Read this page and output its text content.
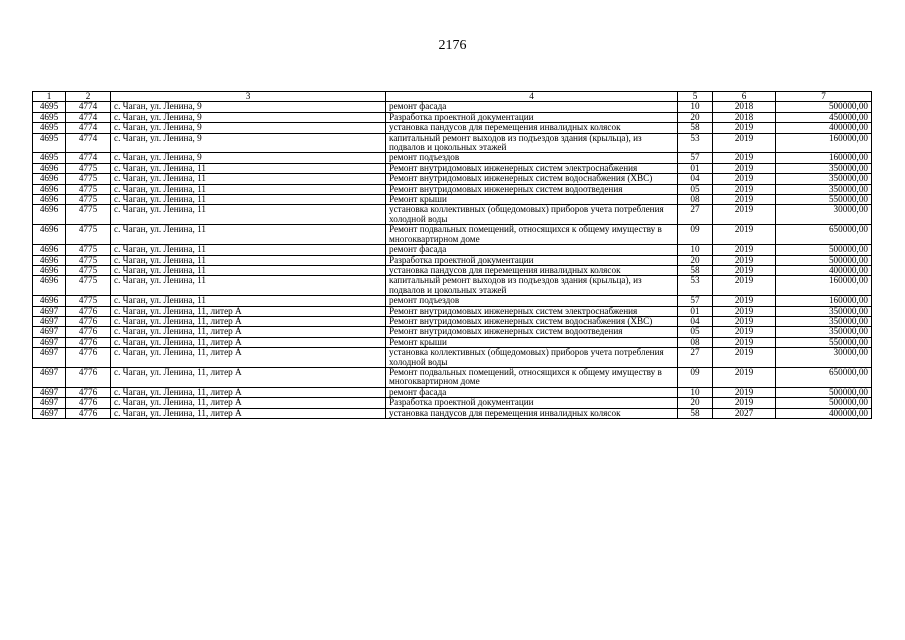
2176
1	2	3	4	5	6	7
4695	4774	с. Чаган, ул. Ленина, 9	ремонт фасада	10	2018	500000,00
4695	4774	с. Чаган, ул. Ленина, 9	Разработка проектной документации	20	2018	450000,00
4695	4774	с. Чаган, ул. Ленина, 9	установка пандусов для перемещения инвалидных колясок	58	2019	400000,00
4695	4774	с. Чаган, ул. Ленина, 9	капитальный ремонт выходов из подъездов здания (крыльца), из подвалов и цокольных этажей	53	2019	160000,00
4695	4774	с. Чаган, ул. Ленина, 9	ремонт подъездов	57	2019	160000,00
4696	4775	с. Чаган, ул. Ленина, 11	Ремонт внутридомовых инженерных систем электроснабжения	01	2019	350000,00
4696	4775	с. Чаган, ул. Ленина, 11	Ремонт внутридомовых инженерных систем водоснабжения (ХВС)	04	2019	350000,00
4696	4775	с. Чаган, ул. Ленина, 11	Ремонт внутридомовых инженерных систем водоотведения	05	2019	350000,00
4696	4775	с. Чаган, ул. Ленина, 11	Ремонт крыши	08	2019	550000,00
4696	4775	с. Чаган, ул. Ленина, 11	установка коллективных (общедомовых) приборов учета потребления холодной воды	27	2019	30000,00
4696	4775	с. Чаган, ул. Ленина, 11	Ремонт подвальных помещений, относящихся к общему имуществу в многоквартирном доме	09	2019	650000,00
4696	4775	с. Чаган, ул. Ленина, 11	ремонт фасада	10	2019	500000,00
4696	4775	с. Чаган, ул. Ленина, 11	Разработка проектной документации	20	2019	500000,00
4696	4775	с. Чаган, ул. Ленина, 11	установка пандусов для перемещения инвалидных колясок	58	2019	400000,00
4696	4775	с. Чаган, ул. Ленина, 11	капитальный ремонт выходов из подъездов здания (крыльца), из подвалов и цокольных этажей	53	2019	160000,00
4696	4775	с. Чаган, ул. Ленина, 11	ремонт подъездов	57	2019	160000,00
4697	4776	с. Чаган, ул. Ленина, 11, литер А	Ремонт внутридомовых инженерных систем электроснабжения	01	2019	350000,00
4697	4776	с. Чаган, ул. Ленина, 11, литер А	Ремонт внутридомовых инженерных систем водоснабжения (ХВС)	04	2019	350000,00
4697	4776	с. Чаган, ул. Ленина, 11, литер А	Ремонт внутридомовых инженерных систем водоотведения	05	2019	350000,00
4697	4776	с. Чаган, ул. Ленина, 11, литер А	Ремонт крыши	08	2019	550000,00
4697	4776	с. Чаган, ул. Ленина, 11, литер А	установка коллективных (общедомовых) приборов учета потребления холодной воды	27	2019	30000,00
4697	4776	с. Чаган, ул. Ленина, 11, литер А	Ремонт подвальных помещений, относящихся к общему имуществу в многоквартирном доме	09	2019	650000,00
4697	4776	с. Чаган, ул. Ленина, 11, литер А	ремонт фасада	10	2019	500000,00
4697	4776	с. Чаган, ул. Ленина, 11, литер А	Разработка проектной документации	20	2019	500000,00
4697	4776	с. Чаган, ул. Ленина, 11, литер А	установка пандусов для перемещения инвалидных колясок	58	2027	400000,00
